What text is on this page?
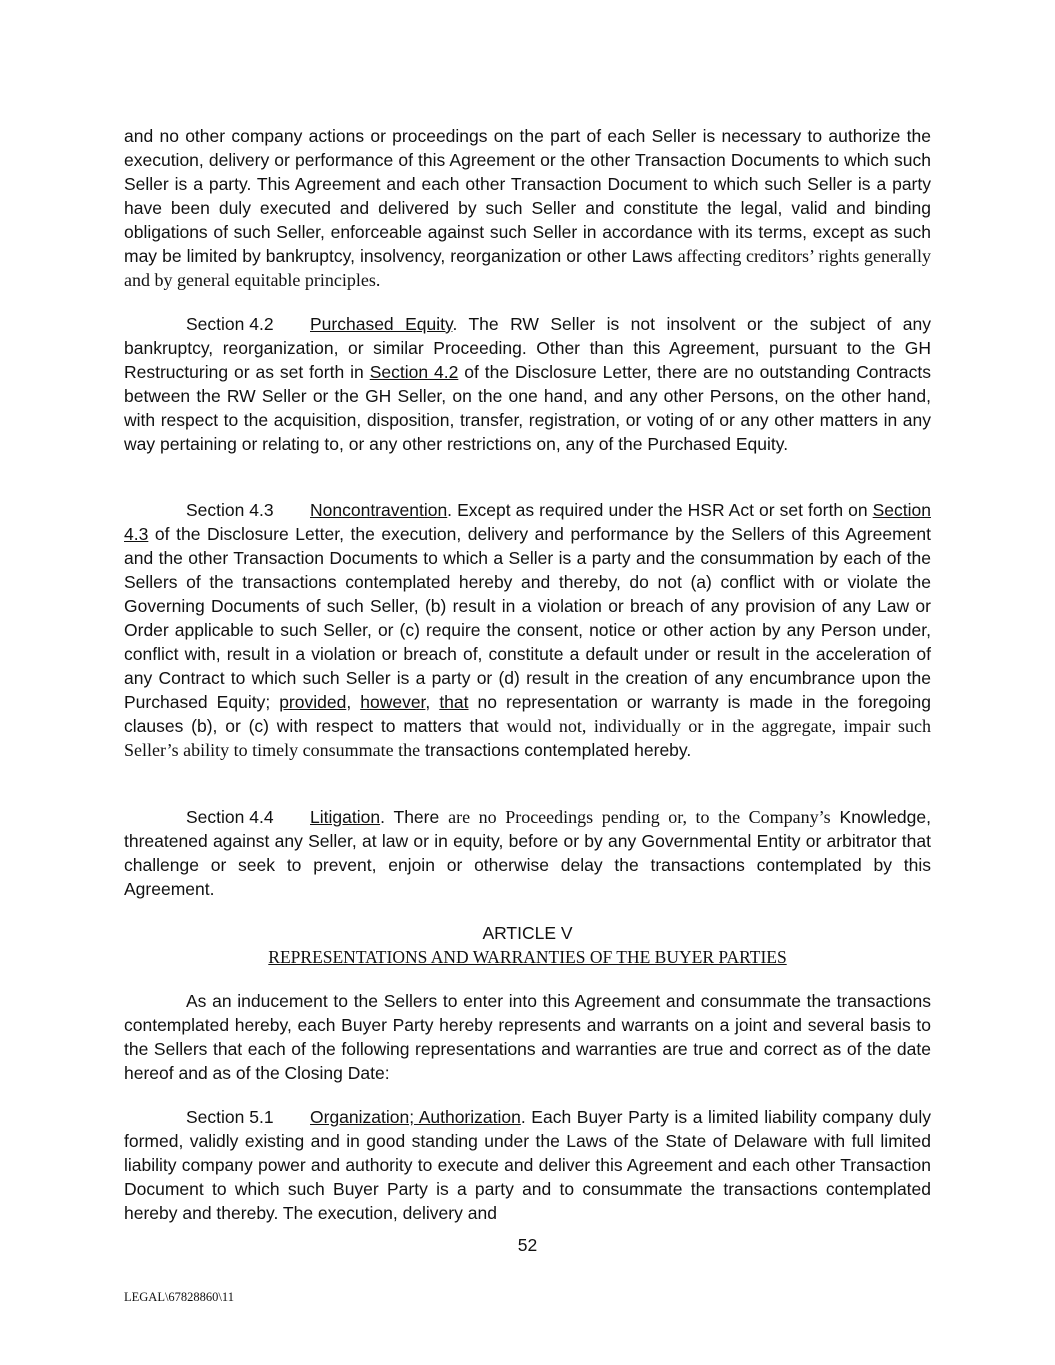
and no other company actions or proceedings on the part of each Seller is necessary to authorize the execution, delivery or performance of this Agreement or the other Transaction Documents to which such Seller is a party. This Agreement and each other Transaction Document to which such Seller is a party have been duly executed and delivered by such Seller and constitute the legal, valid and binding obligations of such Seller, enforceable against such Seller in accordance with its terms, except as such may be limited by bankruptcy, insolvency, reorganization or other Laws affecting creditors’ rights generally and by general equitable principles.

Section 4.2 Purchased Equity. The RW Seller is not insolvent or the subject of any bankruptcy, reorganization, or similar Proceeding. Other than this Agreement, pursuant to the GH Restructuring or as set forth in Section 4.2 of the Disclosure Letter, there are no outstanding Contracts between the RW Seller or the GH Seller, on the one hand, and any other Persons, on the other hand, with respect to the acquisition, disposition, transfer, registration, or voting of or any other matters in any way pertaining or relating to, or any other restrictions on, any of the Purchased Equity.

Section 4.3 Noncontravention. Except as required under the HSR Act or set forth on Section 4.3 of the Disclosure Letter, the execution, delivery and performance by the Sellers of this Agreement and the other Transaction Documents to which a Seller is a party and the consummation by each of the Sellers of the transactions contemplated hereby and thereby, do not (a) conflict with or violate the Governing Documents of such Seller, (b) result in a violation or breach of any provision of any Law or Order applicable to such Seller, or (c) require the consent, notice or other action by any Person under, conflict with, result in a violation or breach of, constitute a default under or result in the acceleration of any Contract to which such Seller is a party or (d) result in the creation of any encumbrance upon the Purchased Equity; provided, however, that no representation or warranty is made in the foregoing clauses (b), or (c) with respect to matters that would not, individually or in the aggregate, impair such Seller’s ability to timely consummate the transactions contemplated hereby.

Section 4.4 Litigation. There are no Proceedings pending or, to the Company’s Knowledge, threatened against any Seller, at law or in equity, before or by any Governmental Entity or arbitrator that challenge or seek to prevent, enjoin or otherwise delay the transactions contemplated by this Agreement.

ARTICLE V

REPRESENTATIONS AND WARRANTIES OF THE BUYER PARTIES

As an inducement to the Sellers to enter into this Agreement and consummate the transactions contemplated hereby, each Buyer Party hereby represents and warrants on a joint and several basis to the Sellers that each of the following representations and warranties are true and correct as of the date hereof and as of the Closing Date:

Section 5.1 Organization; Authorization. Each Buyer Party is a limited liability company duly formed, validly existing and in good standing under the Laws of the State of Delaware with full limited liability company power and authority to execute and deliver this Agreement and each other Transaction Document to which such Buyer Party is a party and to consummate the transactions contemplated hereby and thereby. The execution, delivery and

52
LEGAL\67828860\11
